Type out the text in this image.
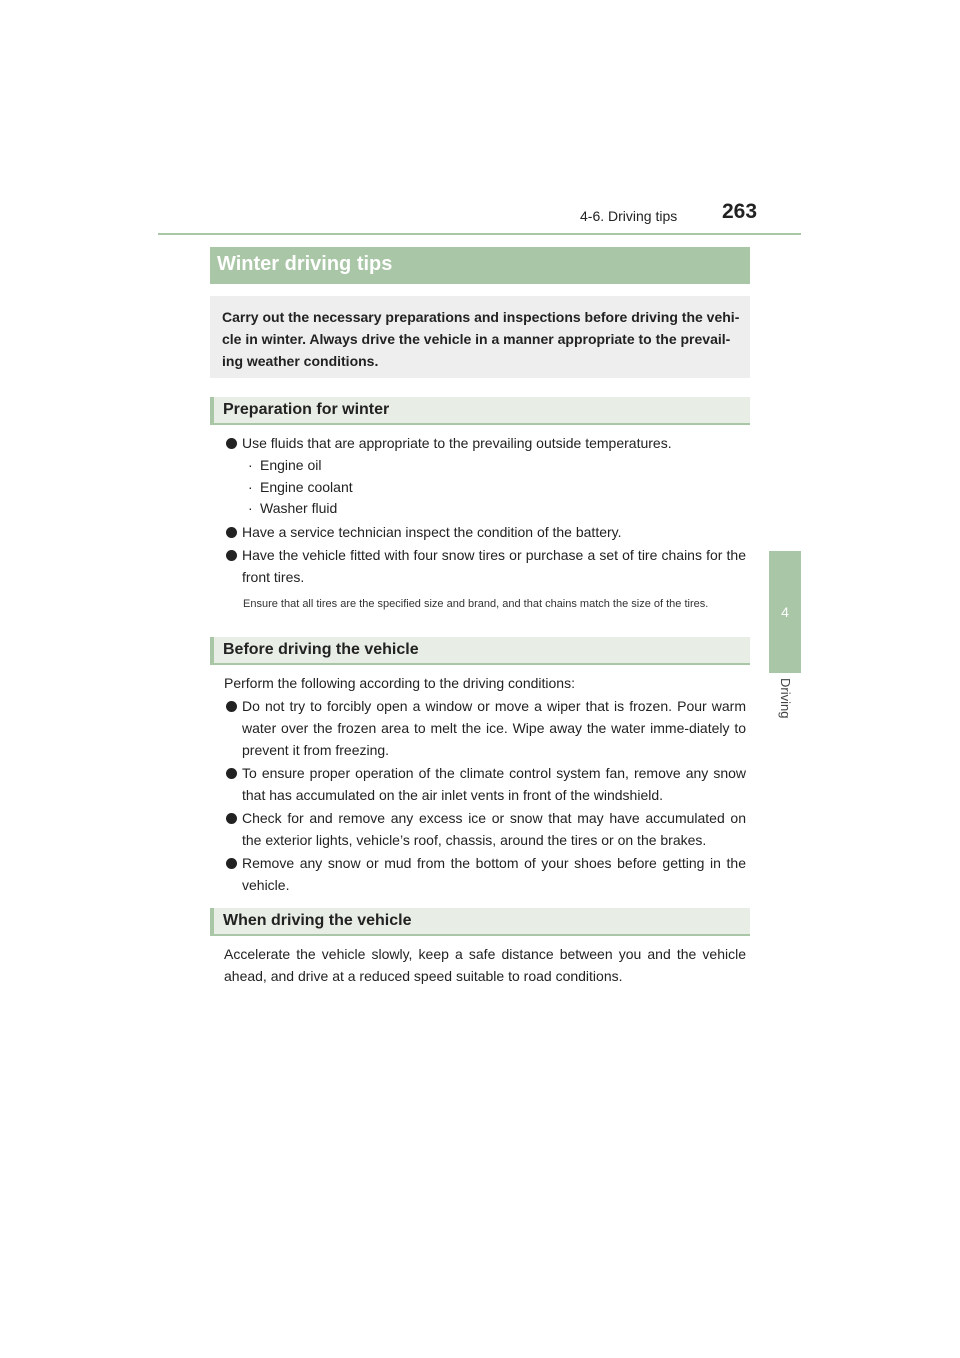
4-6. Driving tips 263
4
Driving
Winter driving tips

Carry out the necessary preparations and inspections before driving the vehi-cle in winter. Always drive the vehicle in a manner appropriate to the prevail-ing weather conditions.

Preparation for winter
Use fluids that are appropriate to the prevailing outside temperatures.
· Engine oil
· Engine coolant
· Washer fluid
Have a service technician inspect the condition of the battery.
Have the vehicle fitted with four snow tires or purchase a set of tire chains for the front tires.
Ensure that all tires are the specified size and brand, and that chains match the size of the tires.
Before driving the vehicle
Perform the following according to the driving conditions:
Do not try to forcibly open a window or move a wiper that is frozen. Pour warm water over the frozen area to melt the ice. Wipe away the water imme-diately to prevent it from freezing.
To ensure proper operation of the climate control system fan, remove any snow that has accumulated on the air inlet vents in front of the windshield.
Check for and remove any excess ice or snow that may have accumulated on the exterior lights, vehicle’s roof, chassis, around the tires or on the brakes.
Remove any snow or mud from the bottom of your shoes before getting in the vehicle.
When driving the vehicle
Accelerate the vehicle slowly, keep a safe distance between you and the vehicle ahead, and drive at a reduced speed suitable to road conditions.
